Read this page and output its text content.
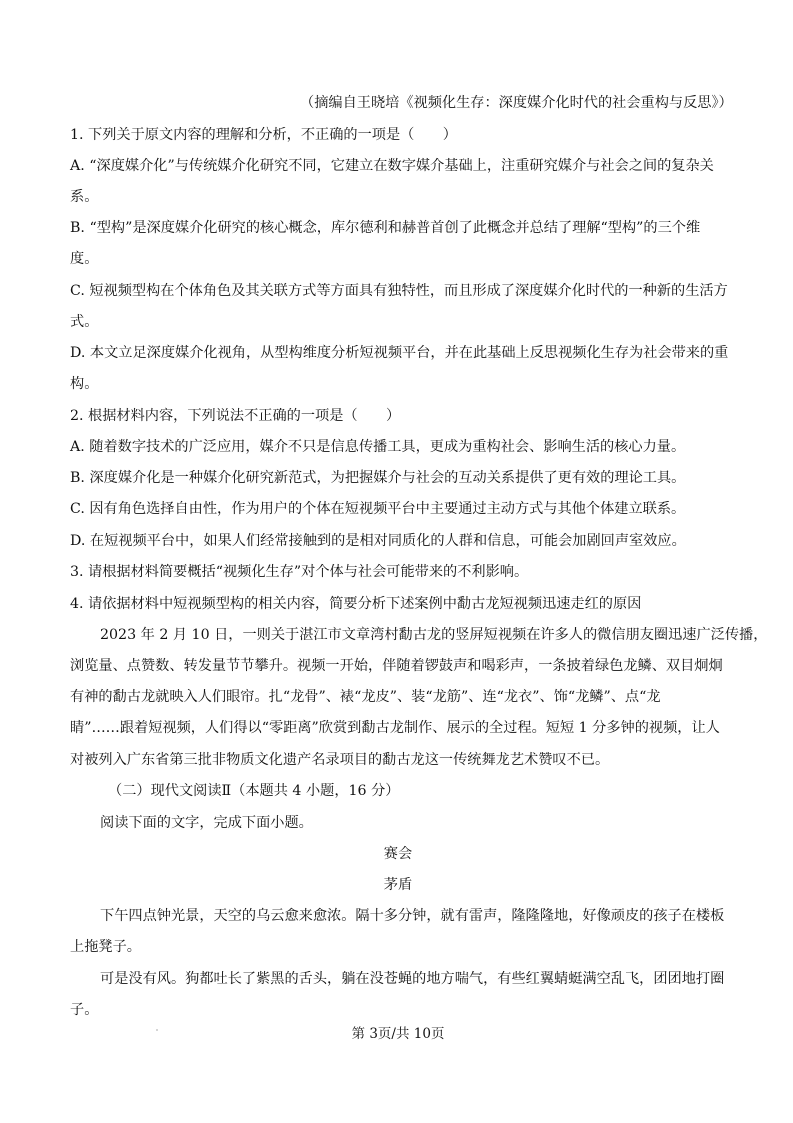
（摘编自王晓培《视频化生存：深度媒介化时代的社会重构与反思》）
1. 下列关于原文内容的理解和分析，不正确的一项是（　　）
A. “深度媒介化”与传统媒介化研究不同，它建立在数字媒介基础上，注重研究媒介与社会之间的复杂关
系。
B. “型构”是深度媒介化研究的核心概念，库尔德利和赫普首创了此概念并总结了理解“型构”的三个维
度。
C. 短视频型构在个体角色及其关联方式等方面具有独特性，而且形成了深度媒介化时代的一种新的生活方
式。
D. 本文立足深度媒介化视角，从型构维度分析短视频平台，并在此基础上反思视频化生存为社会带来的重
构。
2. 根据材料内容，下列说法不正确的一项是（　　）
A. 随着数字技术的广泛应用，媒介不只是信息传播工具，更成为重构社会、影响生活的核心力量。
B. 深度媒介化是一种媒介化研究新范式，为把握媒介与社会的互动关系提供了更有效的理论工具。
C. 因有角色选择自由性，作为用户的个体在短视频平台中主要通过主动方式与其他个体建立联系。
D. 在短视频平台中，如果人们经常接触到的是相对同质化的人群和信息，可能会加剧回声室效应。
3. 请根据材料简要概括“视频化生存”对个体与社会可能带来的不利影响。
4. 请依据材料中短视频型构的相关内容，简要分析下述案例中勫古龙短视频迅速走红的原因
2023 年 2 月 10 日，一则关于湛江市文章湾村勫古龙的竖屏短视频在许多人的微信朋友圈迅速广泛传播，
浏览量、点赞数、转发量节节攀升。视频一开始，伴随着锣鼓声和喝彩声，一条披着绿色龙鳞、双目炯炯
有神的勫古龙就映入人们眼帘。扎“龙骨”、裱“龙皮”、装“龙筋”、连“龙衣”、饰“龙鳞”、点“龙
睛”……跟着短视频，人们得以“零距离”欣赏到勫古龙制作、展示的全过程。短短 1 分多钟的视频，让人
对被列入广东省第三批非物质文化遗产名录项目的勫古龙这一传统舞龙艺术赞叹不已。
（二）现代文阅读Ⅱ（本题共 4 小题，16 分）
阅读下面的文字，完成下面小题。
赛会
茅盾
下午四点钟光景，天空的乌云愈来愈浓。隔十多分钟，就有雷声，隆隆隆地，好像顽皮的孩子在楼板
上拖凳子。
可是没有风。狗都吐长了紫黑的舌头，躺在没苍蝇的地方喘气，有些红翼蜻蜓满空乱飞，团团地打圈
子。
第 3页/共 10页
